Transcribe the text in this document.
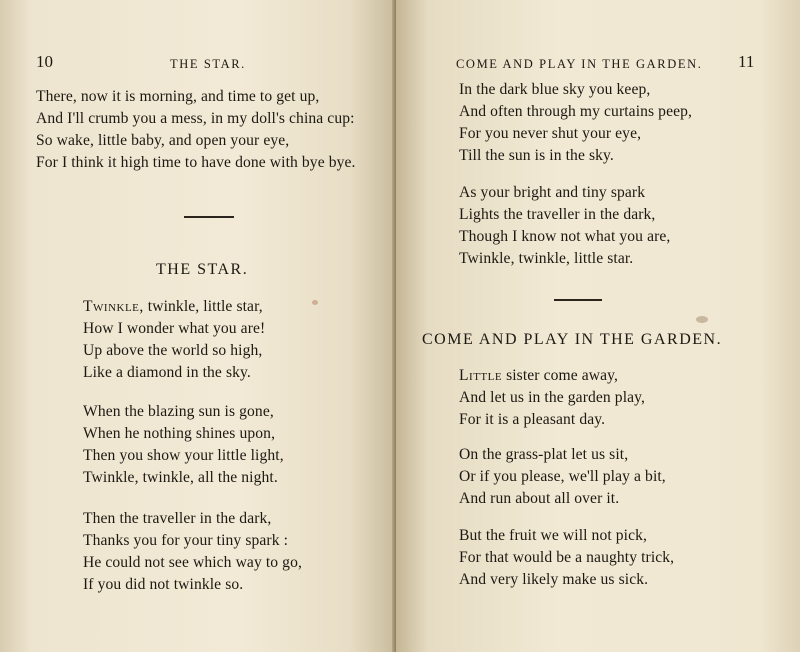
10	THE STAR.
There, now it is morning, and time to get up,
And I'll crumb you a mess, in my doll's china cup:
So wake, little baby, and open your eye,
For I think it high time to have done with bye bye.
THE STAR.
Twinkle, twinkle, little star,
How I wonder what you are!
Up above the world so high,
Like a diamond in the sky.
When the blazing sun is gone,
When he nothing shines upon,
Then you show your little light,
Twinkle, twinkle, all the night.
Then the traveller in the dark,
Thanks you for your tiny spark :
He could not see which way to go,
If you did not twinkle so.
COME AND PLAY IN THE GARDEN. 11
In the dark blue sky you keep,
And often through my curtains peep,
For you never shut your eye,
Till the sun is in the sky.
As your bright and tiny spark
Lights the traveller in the dark,
Though I know not what you are,
Twinkle, twinkle, little star.
COME AND PLAY IN THE GARDEN.
Little sister come away,
And let us in the garden play,
For it is a pleasant day.
On the grass-plat let us sit,
Or if you please, we'll play a bit,
And run about all over it.
But the fruit we will not pick,
For that would be a naughty trick,
And very likely make us sick.
